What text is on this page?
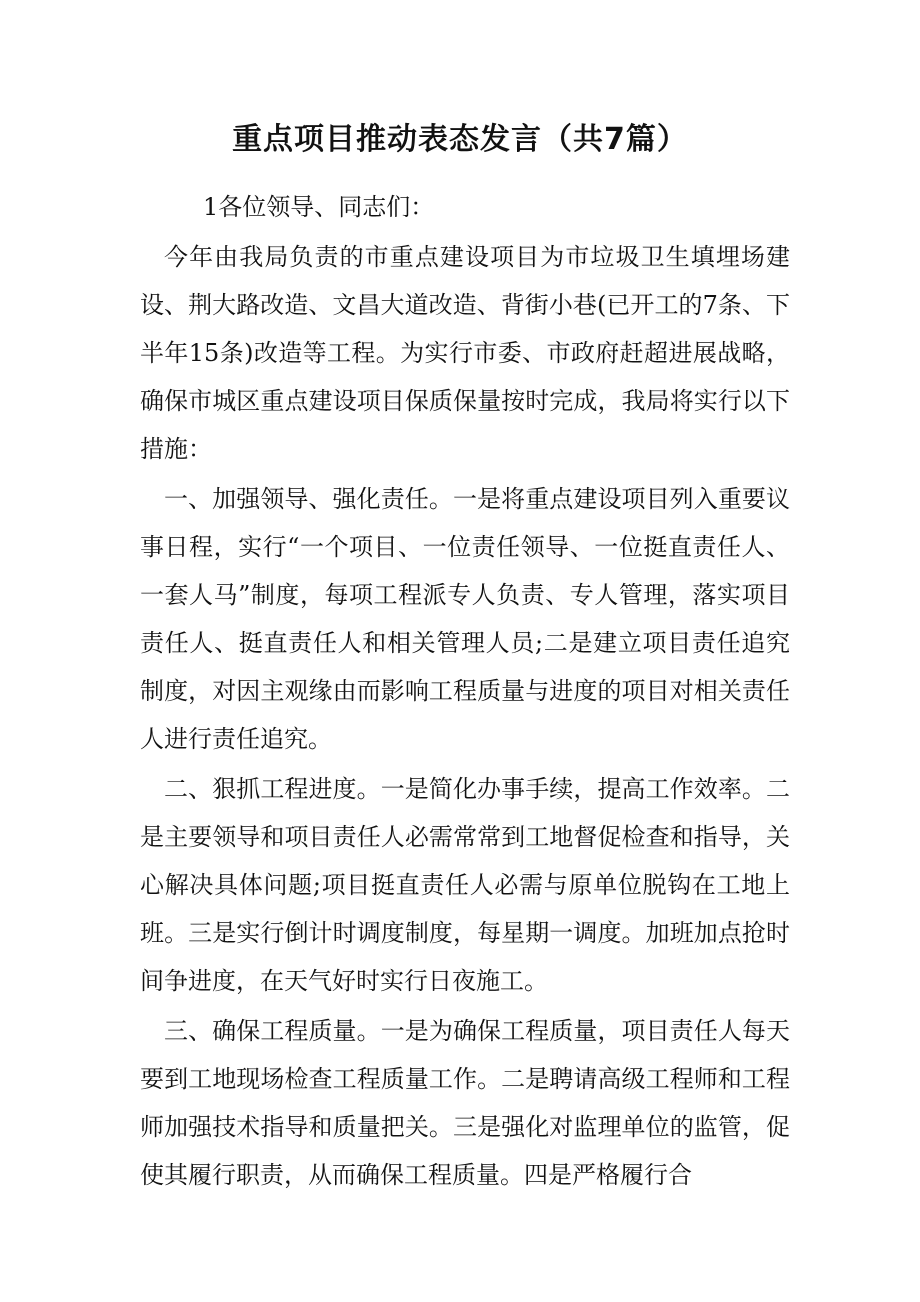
重点项目推动表态发言（共7篇）

1各位领导、同志们：

今年由我局负责的市重点建设项目为市垃圾卫生填埋场建设、荆大路改造、文昌大道改造、背街小巷(已开工的7条、下半年15条)改造等工程。为实行市委、市政府赶超进展战略，确保市城区重点建设项目保质保量按时完成，我局将实行以下措施：

一、加强领导、强化责任。一是将重点建设项目列入重要议事日程，实行“一个项目、一位责任领导、一位挺直责任人、一套人马”制度，每项工程派专人负责、专人管理，落实项目责任人、挺直责任人和相关管理人员;二是建立项目责任追究制度，对因主观缘由而影响工程质量与进度的项目对相关责任人进行责任追究。

二、狠抓工程进度。一是简化办事手续，提高工作效率。二是主要领导和项目责任人必需常常到工地督促检查和指导，关心解决具体问题;项目挺直责任人必需与原单位脱钩在工地上班。三是实行倒计时调度制度，每星期一调度。加班加点抢时间争进度，在天气好时实行日夜施工。

三、确保工程质量。一是为确保工程质量，项目责任人每天要到工地现场检查工程质量工作。二是聘请高级工程师和工程师加强技术指导和质量把关。三是强化对监理单位的监管，促使其履行职责，从而确保工程质量。四是严格履行合
